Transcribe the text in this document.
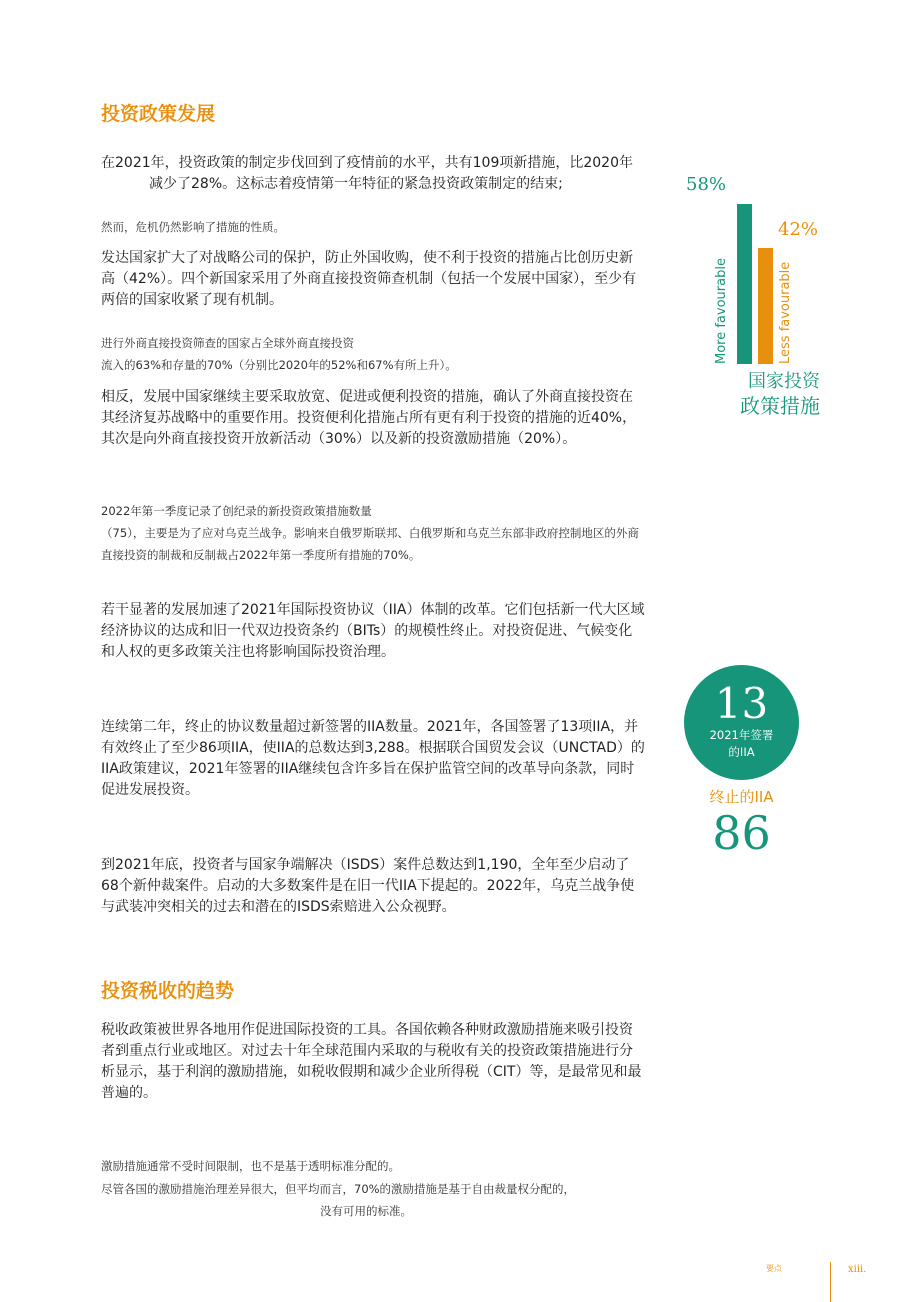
投资政策发展
在2021年，投资政策的制定步伐回到了疫情前的水平，共有109项新措施，比2020年
减少了28%。这标志着疫情第一年特征的紧急投资政策制定的结束;
然而，危机仍然影响了措施的性质。
发达国家扩大了对战略公司的保护，防止外国收购，使不利于投资的措施占比创历史新高（42%）。四个新国家采用了外商直接投资筛查机制（包括一个发展中国家），至少有两倍的国家收紧了现有机制。
进行外商直接投资筛查的国家占全球外商直接投资
流入的63%和存量的70%（分别比2020年的52%和67%有所上升）。
相反，发展中国家继续主要采取放宽、促进或便利投资的措施，确认了外商直接投资在其经济复苏战略中的重要作用。投资便利化措施占所有更有利于投资的措施的近40%，其次是向外商直接投资开放新活动（30%）以及新的投资激励措施（20%）。
2022年第一季度记录了创纪录的新投资政策措施数量
（75），主要是为了应对乌克兰战争。影响来自俄罗斯联邦、白俄罗斯和乌克兰东部非政府控制地区的外商直接投资的制裁和反制裁占2022年第一季度所有措施的70%。
若干显著的发展加速了2021年国际投资协议（IIA）体制的改革。它们包括新一代大区域经济协议的达成和旧一代双边投资条约（BITs）的规模性终止。对投资促进、气候变化和人权的更多政策关注也将影响国际投资治理。
连续第二年，终止的协议数量超过新签署的IIA数量。2021年，各国签署了13项IIA，并有效终止了至少86项IIA，使IIA的总数达到3,288。根据联合国贸发会议（UNCTAD）的IIA政策建议，2021年签署的IIA继续包含许多旨在保护监管空间的改革导向条款，同时促进发展投资。
到2021年底，投资者与国家争端解决（ISDS）案件总数达到1,190，全年至少启动了68个新仲裁案件。启动的大多数案件是在旧一代IIA下提起的。2022年，乌克兰战争使与武装冲突相关的过去和潜在的ISDS索赔进入公众视野。
投资税收的趋势
税收政策被世界各地用作促进国际投资的工具。各国依赖各种财政激励措施来吸引投资者到重点行业或地区。对过去十年全球范围内采取的与税收有关的投资政策措施进行分析显示，基于利润的激励措施，如税收假期和减少企业所得税（CIT）等，是最常见和最普遍的。
激励措施通常不受时间限制，也不是基于透明标准分配的。
尽管各国的激励措施治理差异很大，但平均而言，70%的激励措施是基于自由裁量权分配的，
没有可用的标准。
58%
42%
More favourable	Less favourable
国家投资
政策措施
13
2021年签署
的IIA
终止的IIA
86
要点	xiii.
